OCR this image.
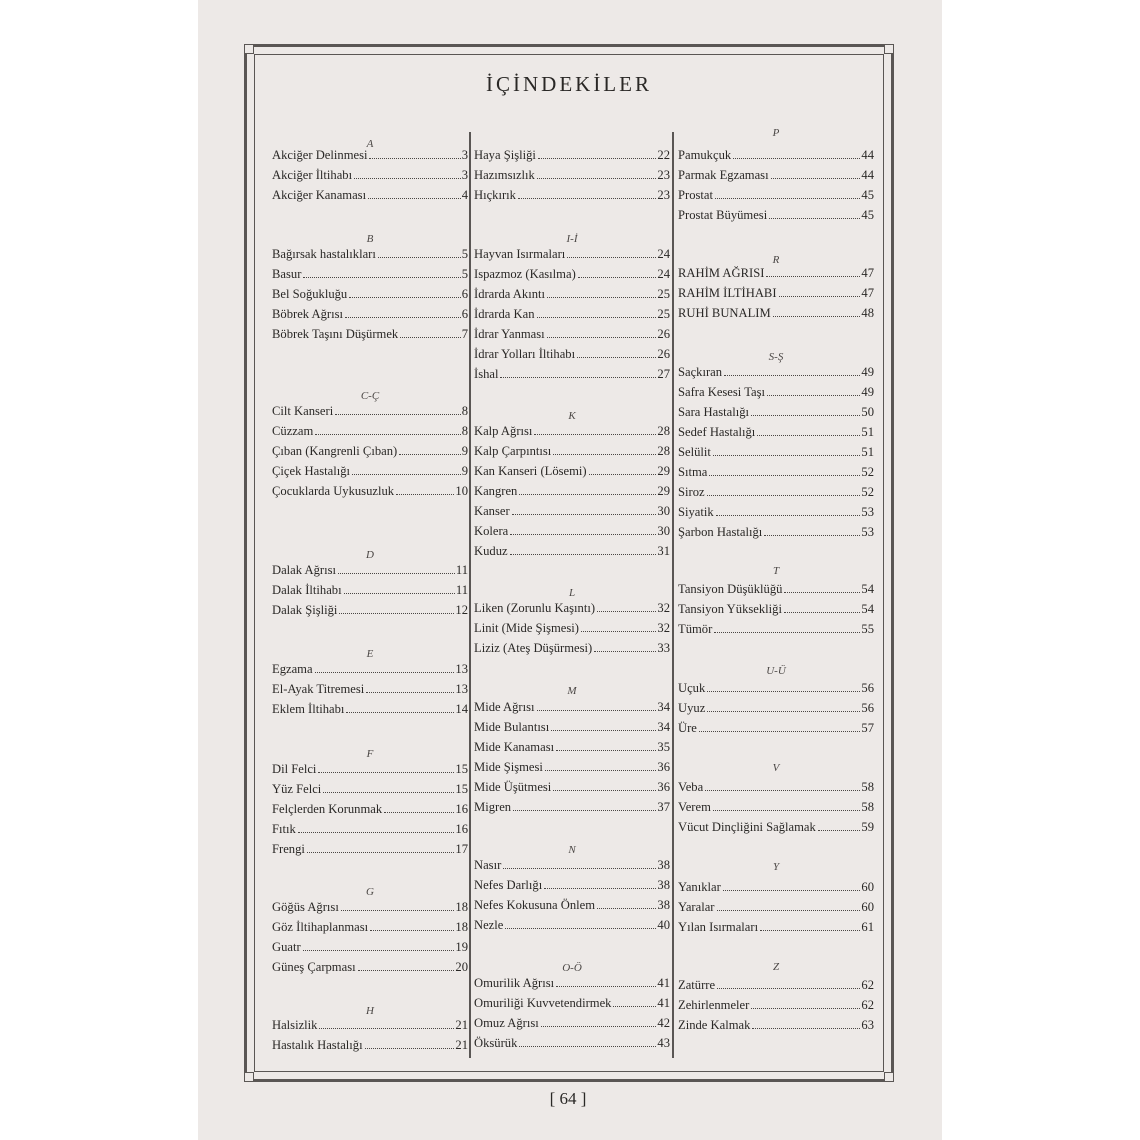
İÇİNDEKİLER
A
Akciğer Delinmesi	3
Akciğer İltihabı	3
Akciğer Kanaması	4
B
Bağırsak hastalıkları	5
Basur	5
Bel Soğukluğu	6
Böbrek Ağrısı	6
Böbrek Taşını Düşürmek	7
C-Ç
Cilt Kanseri	8
Cüzzam	8
Çıban (Kangrenli Çıban)	9
Çiçek Hastalığı	9
Çocuklarda Uykusuzluk	10
D
Dalak Ağrısı	11
Dalak İltihabı	11
Dalak Şişliği	12
E
Egzama	13
El-Ayak Titremesi	13
Eklem İltihabı	14
F
Dil Felci	15
Yüz Felci	15
Felçlerden Korunmak	16
Fıtık	16
Frengi	17
G
Göğüs Ağrısı	18
Göz İltihaplanması	18
Guatr	19
Güneş Çarpması	20
H
Halsizlik	21
Hastalık Hastalığı	21
Hayа Şişliği	22
Hazımsızlık	23
Hıçkırık	23
I-İ
Hayvan Isırmaları	24
Ispazmoz (Kasılma)	24
İdrarda Akıntı	25
İdrarda Kan	25
İdrar Yanması	26
İdrar Yolları İltihabı	26
İshal	27
K
Kalp Ağrısı	28
Kalp Çarpıntısı	28
Kan Kanseri (Lösemi)	29
Kangren	29
Kanser	30
Kolera	30
Kuduz	31
L
Liken (Zorunlu Kaşıntı)	32
Linit (Mide Şişmesi)	32
Liziz (Ateş Düşürmesi)	33
M
Mide Ağrısı	34
Mide Bulantısı	34
Mide Kanaması	35
Mide Şişmesi	36
Mide Üşütmesi	36
Migren	37
N
Nasır	38
Nefes Darlığı	38
Nefes Kokusuna Önlem	38
Nezle	40
O-Ö
Omurilik Ağrısı	41
Omuriliği Kuvvetendirmek	41
Omuz Ağrısı	42
Öksürük	43
P
Pamukçuk	44
Parmak Egzaması	44
Prostat	45
Prostat Büyümesi	45
R
RAHİM AĞRISI	47
RAHİM İLTİHABI	47
RUHİ BUNALIM	48
S-Ş
Saçkıran	49
Safra Kesesi Taşı	49
Sara Hastalığı	50
Sedef Hastalığı	51
Selülit	51
Sıtma	52
Siroz	52
Siyatik	53
Şarbon Hastalığı	53
T
Tansiyon Düşüklüğü	54
Tansiyon Yüksekliği	54
Tümör	55
U-Ü
Uçuk	56
Uyuz	56
Üre	57
V
Veba	58
Verem	58
Vücut Dinçliğini Sağlamak	59
Y
Yanıklar	60
Yaralar	60
Yılan Isırmaları	61
Z
Zatürre	62
Zehirlenmeler	62
Zinde Kalmak	63
[ 64 ]
